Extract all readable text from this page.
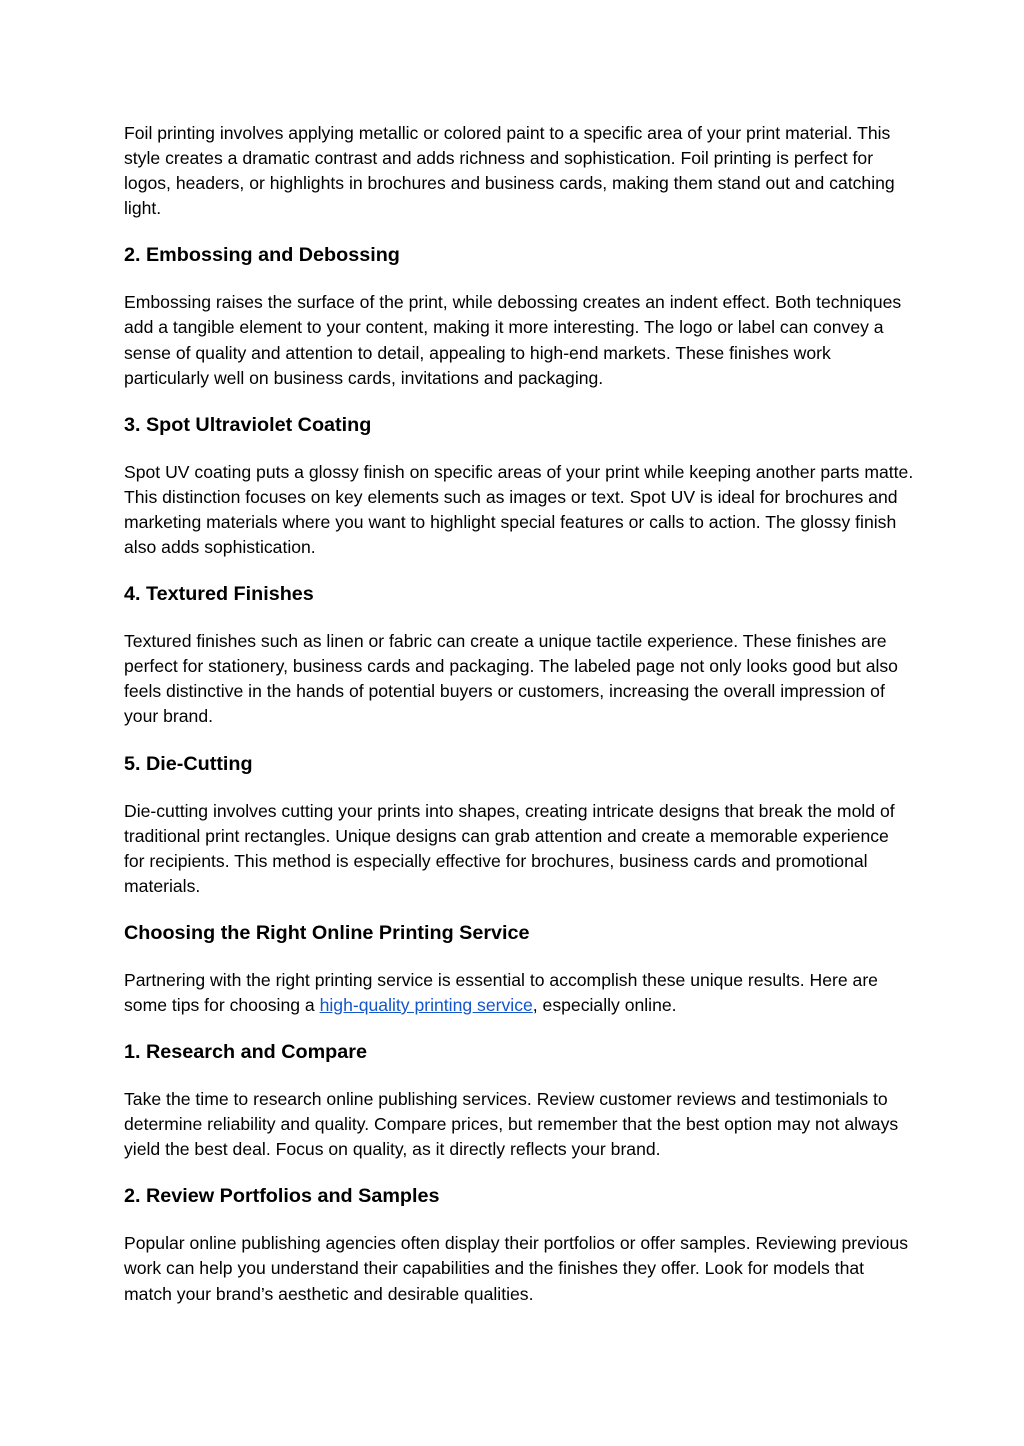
Foil printing involves applying metallic or colored paint to a specific area of your print material. This style creates a dramatic contrast and adds richness and sophistication. Foil printing is perfect for logos, headers, or highlights in brochures and business cards, making them stand out and catching light.

2. Embossing and Debossing

Embossing raises the surface of the print, while debossing creates an indent effect. Both techniques add a tangible element to your content, making it more interesting. The logo or label can convey a sense of quality and attention to detail, appealing to high-end markets. These finishes work particularly well on business cards, invitations and packaging.

3. Spot Ultraviolet Coating

Spot UV coating puts a glossy finish on specific areas of your print while keeping another parts matte. This distinction focuses on key elements such as images or text. Spot UV is ideal for brochures and marketing materials where you want to highlight special features or calls to action. The glossy finish also adds sophistication.

4. Textured Finishes

Textured finishes such as linen or fabric can create a unique tactile experience. These finishes are perfect for stationery, business cards and packaging. The labeled page not only looks good but also feels distinctive in the hands of potential buyers or customers, increasing the overall impression of your brand.

5. Die-Cutting

Die-cutting involves cutting your prints into shapes, creating intricate designs that break the mold of traditional print rectangles. Unique designs can grab attention and create a memorable experience for recipients. This method is especially effective for brochures, business cards and promotional materials.

Choosing the Right Online Printing Service

Partnering with the right printing service is essential to accomplish these unique results. Here are some tips for choosing a high-quality printing service, especially online.

1. Research and Compare

Take the time to research online publishing services. Review customer reviews and testimonials to determine reliability and quality. Compare prices, but remember that the best option may not always yield the best deal. Focus on quality, as it directly reflects your brand.

2. Review Portfolios and Samples

Popular online publishing agencies often display their portfolios or offer samples. Reviewing previous work can help you understand their capabilities and the finishes they offer. Look for models that match your brand’s aesthetic and desirable qualities.
